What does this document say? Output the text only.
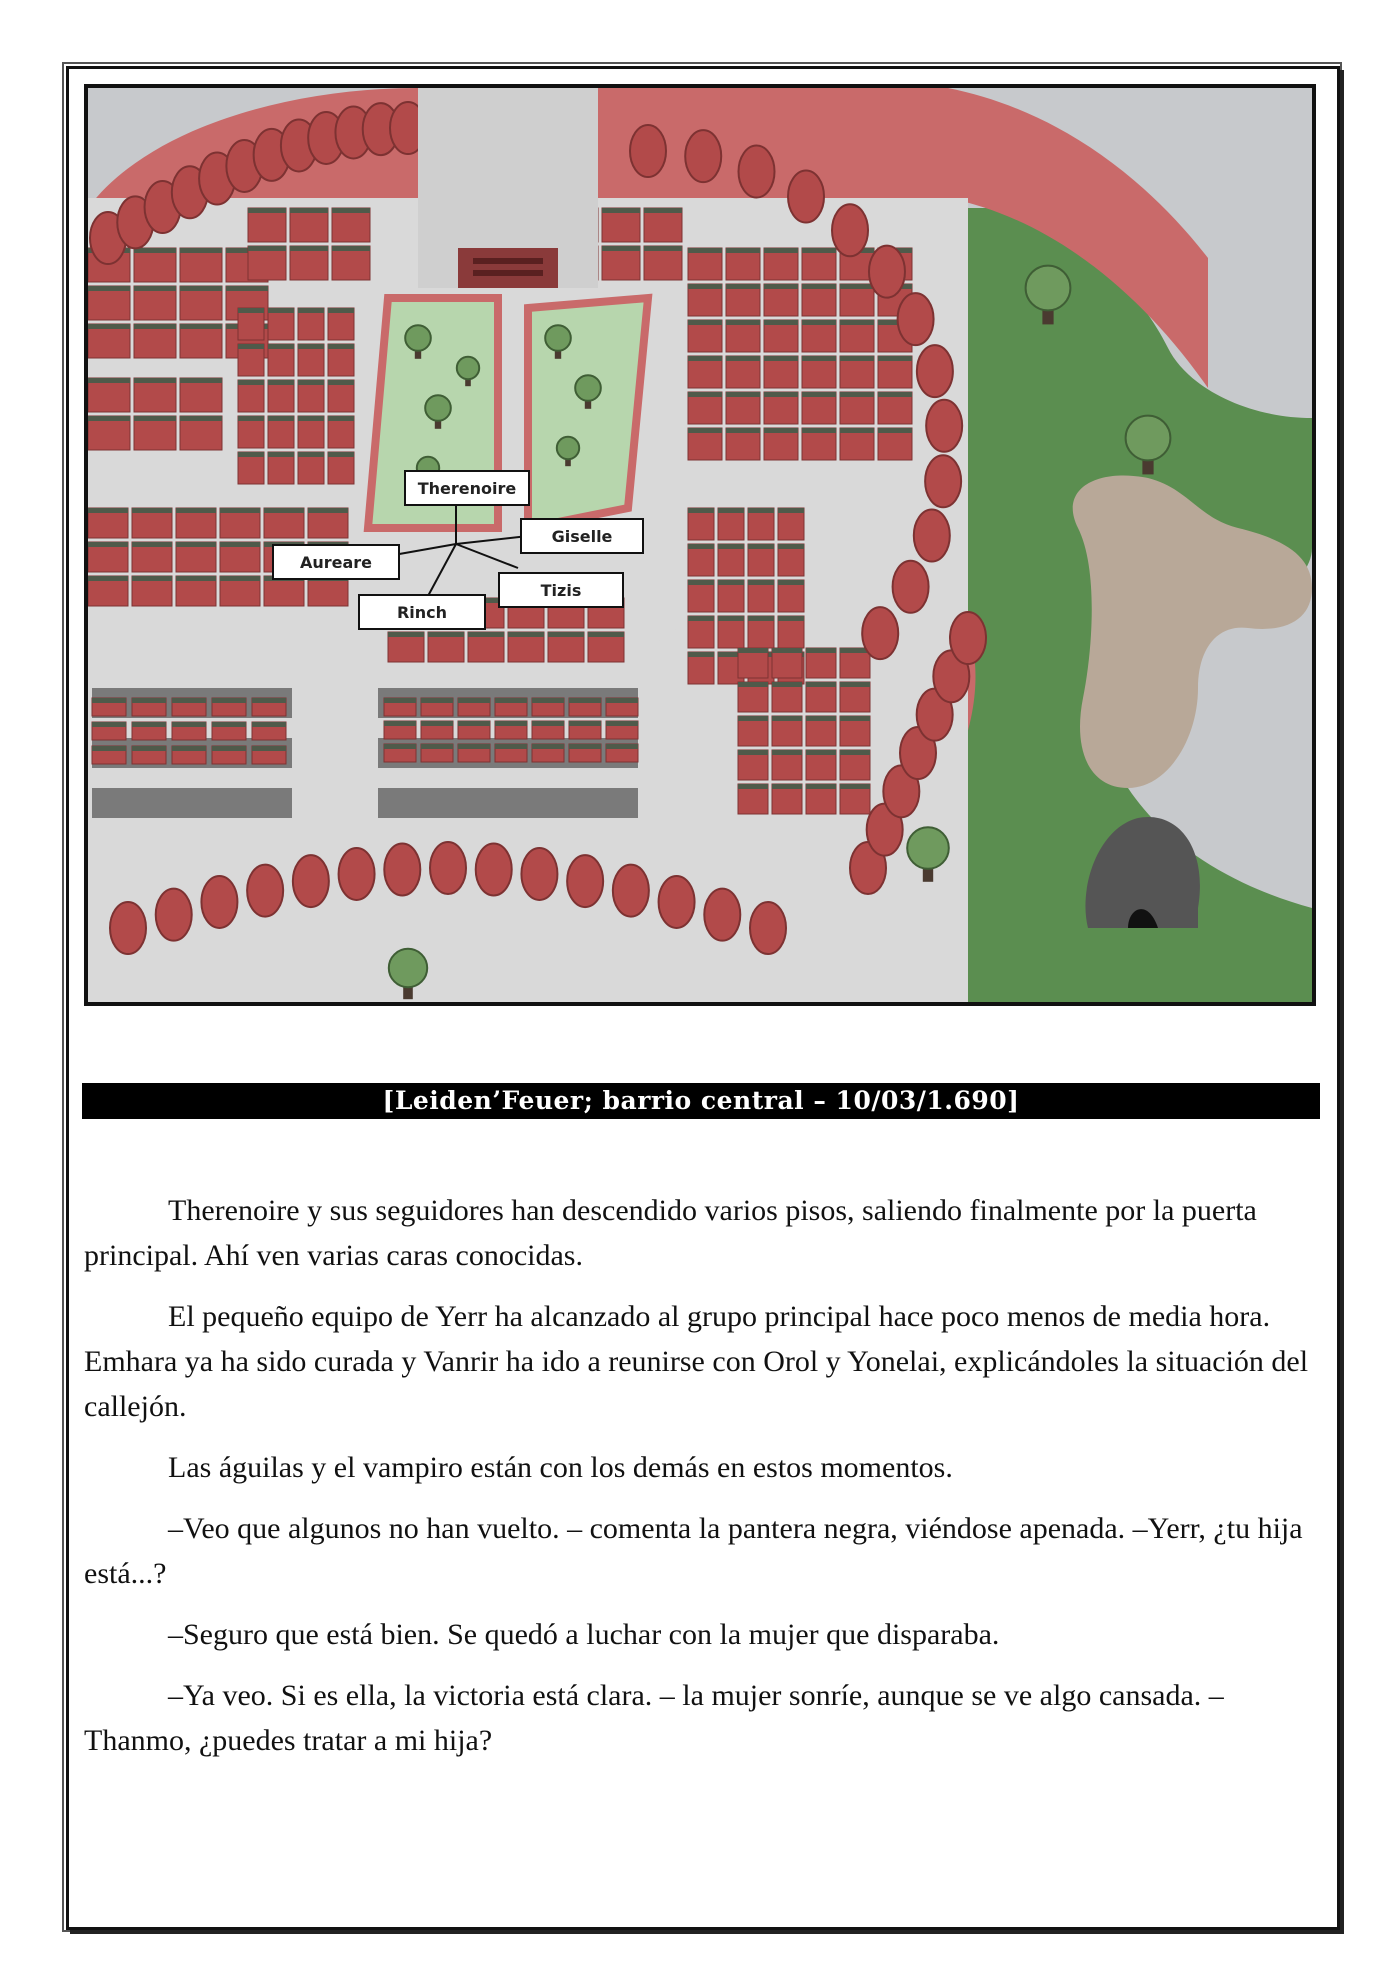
Therenoire
Giselle
Aureare
Tizis
Rinch
[Leiden’Feuer; barrio central – 10/03/1.690]

Therenoire y sus seguidores han descendido varios pisos, saliendo finalmente por la puerta principal. Ahí ven varias caras conocidas.

El pequeño equipo de Yerr ha alcanzado al grupo principal hace poco menos de media hora. Emhara ya ha sido curada y Vanrir ha ido a reunirse con Orol y Yonelai, explicándoles la situación del callejón.

Las águilas y el vampiro están con los demás en estos momentos.

–Veo que algunos no han vuelto. – comenta la pantera negra, viéndose apenada. –Yerr, ¿tu hija está...?

–Seguro que está bien. Se quedó a luchar con la mujer que disparaba.

–Ya veo. Si es ella, la victoria está clara. – la mujer sonríe, aunque se ve algo cansada. –Thanmo, ¿puedes tratar a mi hija?
